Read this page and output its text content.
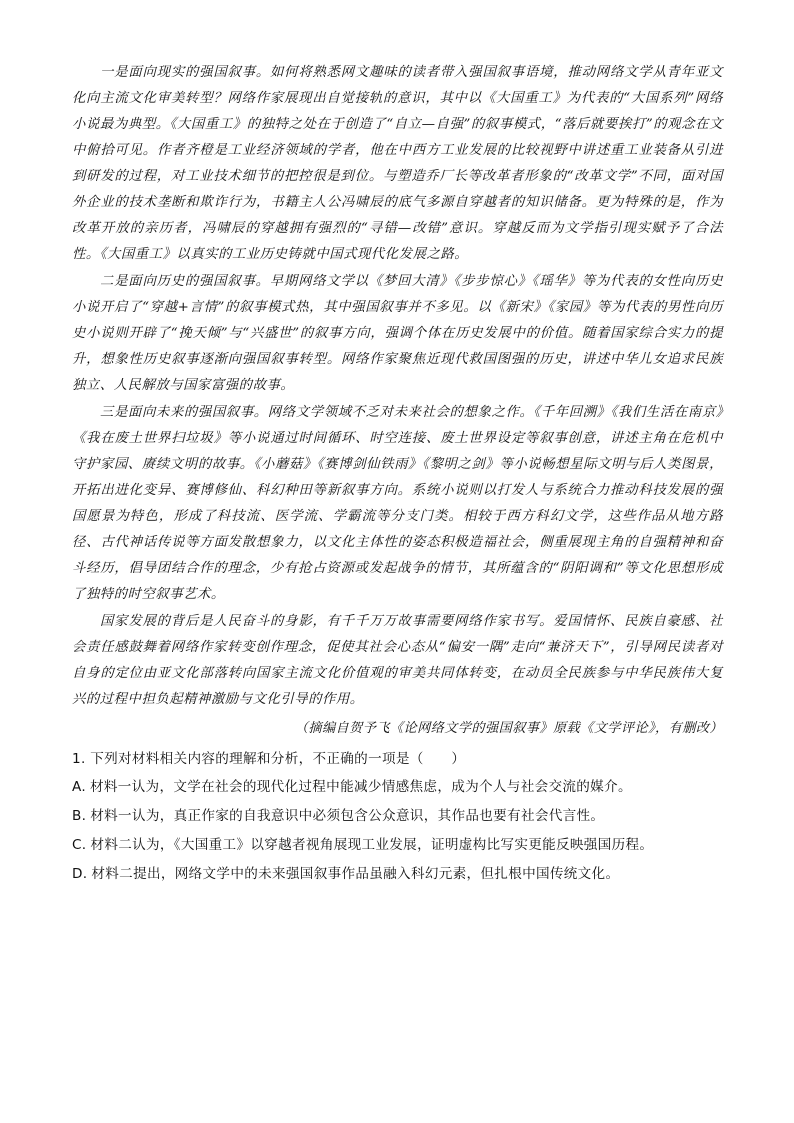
一是面向现实的强国叙事。如何将熟悉网文趣味的读者带入强国叙事语境，推动网络文学从青年亚文化向主流文化审美转型？网络作家展现出自觉接轨的意识，其中以《大国重工》为代表的“大国系列”网络小说最为典型。《大国重工》的独特之处在于创造了“自立—自强”的叙事模式，“落后就要挨打”的观念在文中俯拾可见。作者齐橙是工业经济领域的学者，他在中西方工业发展的比较视野中讲述重工业装备从引进到研发的过程，对工业技术细节的把控很是到位。与塑造乔厂长等改革者形象的“改革文学”不同，面对国外企业的技术垄断和欺诈行为，书籍主人公冯啸辰的底气多源自穿越者的知识储备。更为特殊的是，作为改革开放的亲历者，冯啸辰的穿越拥有强烈的“寻错—改错”意识。穿越反而为文学指引现实赋予了合法性。《大国重工》以真实的工业历史铸就中国式现代化发展之路。

二是面向历史的强国叙事。早期网络文学以《梦回大清》《步步惊心》《瑶华》等为代表的女性向历史小说开启了“穿越+言情”的叙事模式热，其中强国叙事并不多见。以《新宋》《家园》等为代表的男性向历史小说则开辟了“挽天倾”与“兴盛世”的叙事方向，强调个体在历史发展中的价值。随着国家综合实力的提升，想象性历史叙事逐渐向强国叙事转型。网络作家聚焦近现代救国图强的历史，讲述中华儿女追求民族独立、人民解放与国家富强的故事。

三是面向未来的强国叙事。网络文学领域不乏对未来社会的想象之作。《千年回溯》《我们生活在南京》《我在废土世界扫垃圾》等小说通过时间循环、时空连接、废土世界设定等叙事创意，讲述主角在危机中守护家园、赓续文明的故事。《小蘑菇》《赛博剑仙铁雨》《黎明之剑》等小说畅想星际文明与后人类图景，开拓出进化变异、赛博修仙、科幻种田等新叙事方向。系统小说则以打发人与系统合力推动科技发展的强国愿景为特色，形成了科技流、医学流、学霸流等分支门类。相较于西方科幻文学，这些作品从地方路径、古代神话传说等方面发散想象力，以文化主体性的姿态积极造福社会，侧重展现主角的自强精神和奋斗经历，倡导团结合作的理念，少有抢占资源或发起战争的情节，其所蕴含的“阴阳调和”等文化思想形成了独特的时空叙事艺术。

国家发展的背后是人民奋斗的身影，有千千万万故事需要网络作家书写。爱国情怀、民族自豪感、社会责任感鼓舞着网络作家转变创作理念，促使其社会心态从“偏安一隅”走向“兼济天下”，引导网民读者对自身的定位由亚文化部落转向国家主流文化价值观的审美共同体转变，在动员全民族参与中华民族伟大复兴的过程中担负起精神激励与文化引导的作用。

（摘编自贺予飞《论网络文学的强国叙事》原载《文学评论》，有删改）

1. 下列对材料相关内容的理解和分析，不正确的一项是（　　）

A. 材料一认为，文学在社会的现代化过程中能减少情感焦虑，成为个人与社会交流的媒介。

B. 材料一认为，真正作家的自我意识中必须包含公众意识，其作品也要有社会代言性。

C. 材料二认为，《大国重工》以穿越者视角展现工业发展，证明虚构比写实更能反映强国历程。

D. 材料二提出，网络文学中的未来强国叙事作品虽融入科幻元素，但扎根中国传统文化。
